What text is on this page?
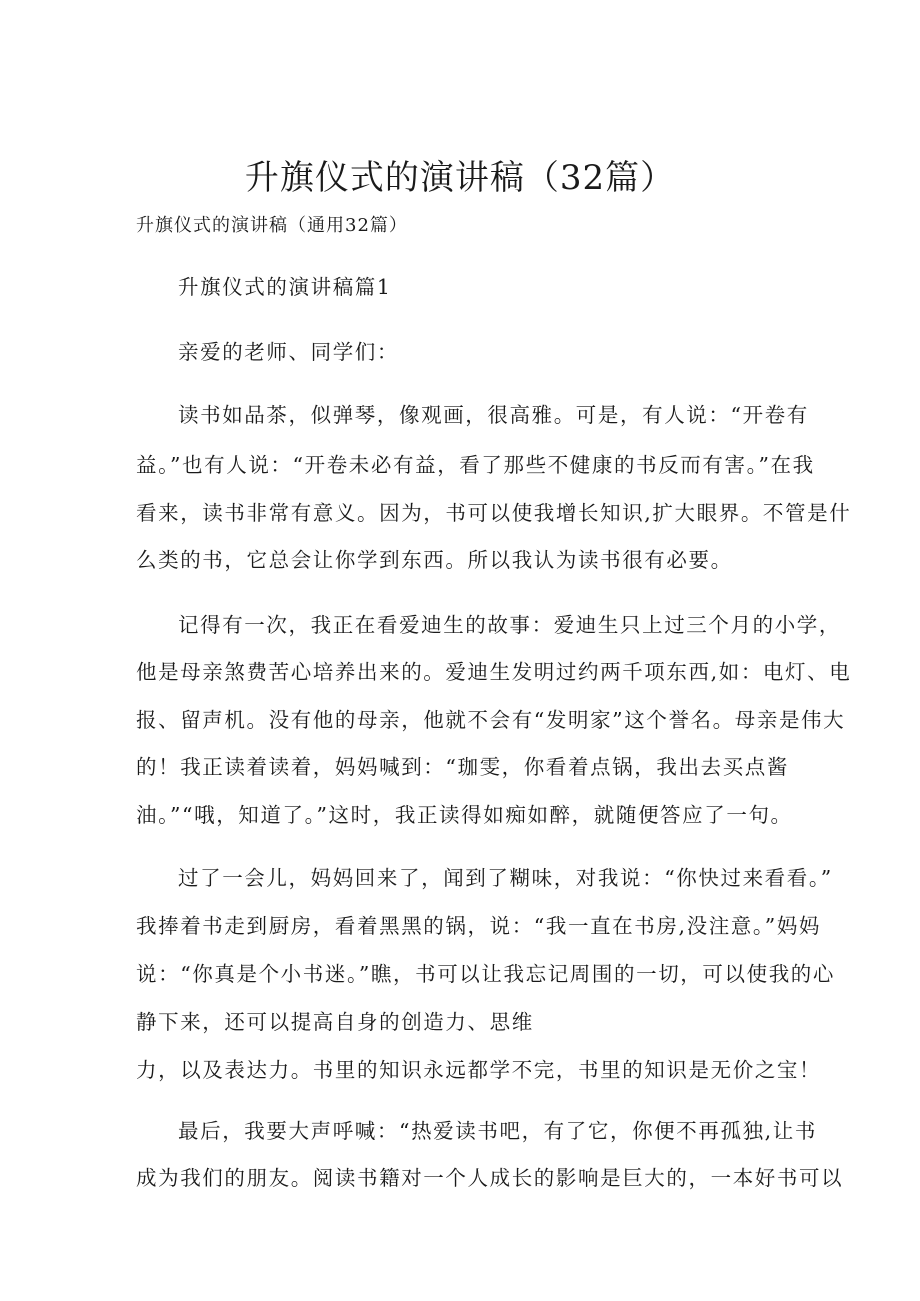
升旗仪式的演讲稿（32篇）
升旗仪式的演讲稿（通用32篇）
升旗仪式的演讲稿篇1
亲爱的老师、同学们：
读书如品茶，似弹琴，像观画，很高雅。可是，有人说：“开卷有
益。”也有人说：“开卷未必有益，看了那些不健康的书反而有害。”在我
看来，读书非常有意义。因为，书可以使我增长知识,扩大眼界。不管是什
么类的书，它总会让你学到东西。所以我认为读书很有必要。
记得有一次，我正在看爱迪生的故事：爱迪生只上过三个月的小学，
他是母亲煞费苦心培养出来的。爱迪生发明过约两千项东西,如：电灯、电
报、留声机。没有他的母亲，他就不会有“发明家”这个誉名。母亲是伟大
的！我正读着读着，妈妈喊到：“珈雯，你看着点锅，我出去买点酱
油。”“哦，知道了。”这时，我正读得如痴如醉，就随便答应了一句。
过了一会儿，妈妈回来了，闻到了糊味，对我说：“你快过来看看。”
我捧着书走到厨房，看着黑黑的锅，说：“我一直在书房,没注意。”妈妈
说：“你真是个小书迷。”瞧，书可以让我忘记周围的一切，可以使我的心
静下来，还可以提高自身的创造力、思维
力，以及表达力。书里的知识永远都学不完，书里的知识是无价之宝！
最后，我要大声呼喊：“热爱读书吧，有了它，你便不再孤独,让书
成为我们的朋友。阅读书籍对一个人成长的影响是巨大的，一本好书可以
